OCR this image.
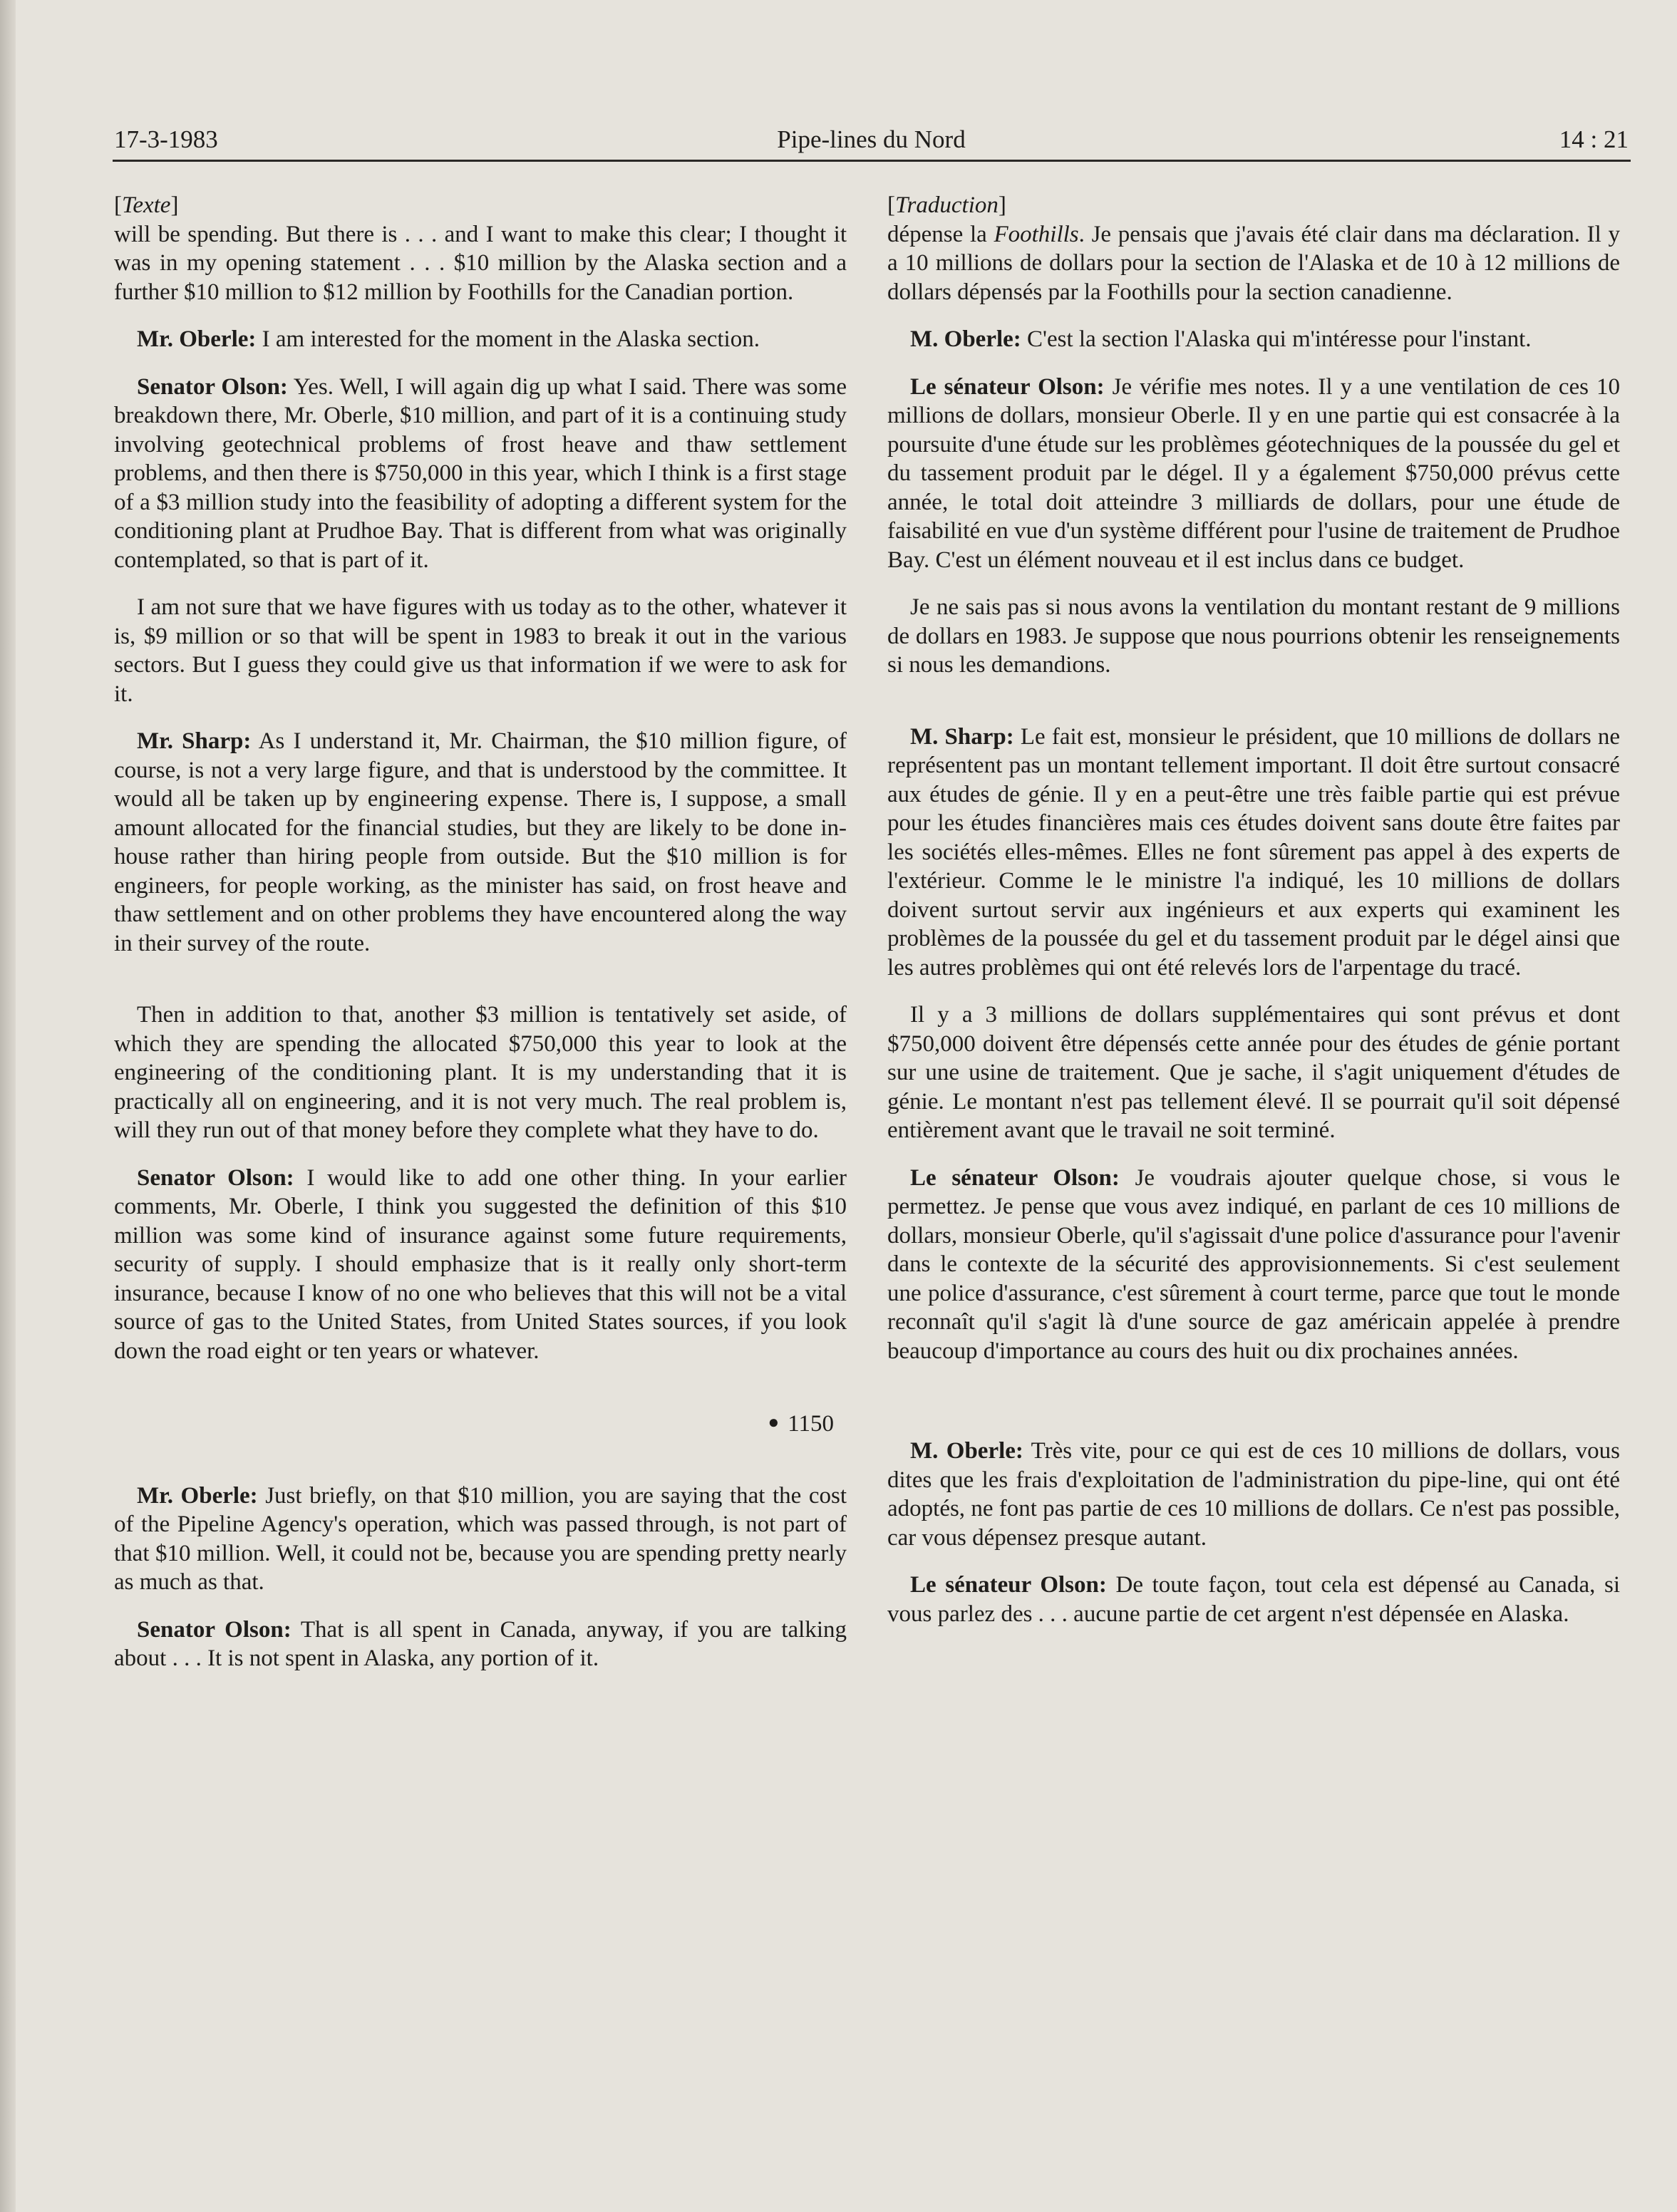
17-3-1983	Pipe-lines du Nord	14 : 21

[Texte]

will be spending. But there is . . . and I want to make this clear; I thought it was in my opening statement . . . $10 million by the Alaska section and a further $10 million to $12 million by Foothills for the Canadian portion.

Mr. Oberle: I am interested for the moment in the Alaska section.

Senator Olson: Yes. Well, I will again dig up what I said. There was some breakdown there, Mr. Oberle, $10 million, and part of it is a continuing study involving geotechnical problems of frost heave and thaw settlement problems, and then there is $750,000 in this year, which I think is a first stage of a $3 million study into the feasibility of adopting a different system for the conditioning plant at Prudhoe Bay. That is different from what was originally contemplated, so that is part of it.

I am not sure that we have figures with us today as to the other, whatever it is, $9 million or so that will be spent in 1983 to break it out in the various sectors. But I guess they could give us that information if we were to ask for it.

Mr. Sharp: As I understand it, Mr. Chairman, the $10 million figure, of course, is not a very large figure, and that is understood by the committee. It would all be taken up by engineering expense. There is, I suppose, a small amount allocated for the financial studies, but they are likely to be done in-house rather than hiring people from outside. But the $10 million is for engineers, for people working, as the minister has said, on frost heave and thaw settlement and on other problems they have encountered along the way in their survey of the route.

Then in addition to that, another $3 million is tentatively set aside, of which they are spending the allocated $750,000 this year to look at the engineering of the conditioning plant. It is my understanding that it is practically all on engineering, and it is not very much. The real problem is, will they run out of that money before they complete what they have to do.

Senator Olson: I would like to add one other thing. In your earlier comments, Mr. Oberle, I think you suggested the definition of this $10 million was some kind of insurance against some future requirements, security of supply. I should emphasize that is it really only short-term insurance, because I know of no one who believes that this will not be a vital source of gas to the United States, from United States sources, if you look down the road eight or ten years or whatever.

● 1150

Mr. Oberle: Just briefly, on that $10 million, you are saying that the cost of the Pipeline Agency's operation, which was passed through, is not part of that $10 million. Well, it could not be, because you are spending pretty nearly as much as that.

Senator Olson: That is all spent in Canada, anyway, if you are talking about . . . It is not spent in Alaska, any portion of it.

[Traduction]

dépense la Foothills. Je pensais que j'avais été clair dans ma déclaration. Il y a 10 millions de dollars pour la section de l'Alaska et de 10 à 12 millions de dollars dépensés par la Foothills pour la section canadienne.

M. Oberle: C'est la section l'Alaska qui m'intéresse pour l'instant.

Le sénateur Olson: Je vérifie mes notes. Il y a une ventilation de ces 10 millions de dollars, monsieur Oberle. Il y en une partie qui est consacrée à la poursuite d'une étude sur les problèmes géotechniques de la poussée du gel et du tassement produit par le dégel. Il y a également $750,000 prévus cette année, le total doit atteindre 3 milliards de dollars, pour une étude de faisabilité en vue d'un système différent pour l'usine de traitement de Prudhoe Bay. C'est un élément nouveau et il est inclus dans ce budget.

Je ne sais pas si nous avons la ventilation du montant restant de 9 millions de dollars en 1983. Je suppose que nous pourrions obtenir les renseignements si nous les demandions.

M. Sharp: Le fait est, monsieur le président, que 10 millions de dollars ne représentent pas un montant tellement important. Il doit être surtout consacré aux études de génie. Il y en a peut-être une très faible partie qui est prévue pour les études financières mais ces études doivent sans doute être faites par les sociétés elles-mêmes. Elles ne font sûrement pas appel à des experts de l'extérieur. Comme le le ministre l'a indiqué, les 10 millions de dollars doivent surtout servir aux ingénieurs et aux experts qui examinent les problèmes de la poussée du gel et du tassement produit par le dégel ainsi que les autres problèmes qui ont été relevés lors de l'arpentage du tracé.

Il y a 3 millions de dollars supplémentaires qui sont prévus et dont $750,000 doivent être dépensés cette année pour des études de génie portant sur une usine de traitement. Que je sache, il s'agit uniquement d'études de génie. Le montant n'est pas tellement élevé. Il se pourrait qu'il soit dépensé entièrement avant que le travail ne soit terminé.

Le sénateur Olson: Je voudrais ajouter quelque chose, si vous le permettez. Je pense que vous avez indiqué, en parlant de ces 10 millions de dollars, monsieur Oberle, qu'il s'agissait d'une police d'assurance pour l'avenir dans le contexte de la sécurité des approvisionnements. Si c'est seulement une police d'assurance, c'est sûrement à court terme, parce que tout le monde reconnaît qu'il s'agit là d'une source de gaz américain appelée à prendre beaucoup d'importance au cours des huit ou dix prochaines années.

M. Oberle: Très vite, pour ce qui est de ces 10 millions de dollars, vous dites que les frais d'exploitation de l'administration du pipe-line, qui ont été adoptés, ne font pas partie de ces 10 millions de dollars. Ce n'est pas possible, car vous dépensez presque autant.

Le sénateur Olson: De toute façon, tout cela est dépensé au Canada, si vous parlez des . . . aucune partie de cet argent n'est dépensée en Alaska.
